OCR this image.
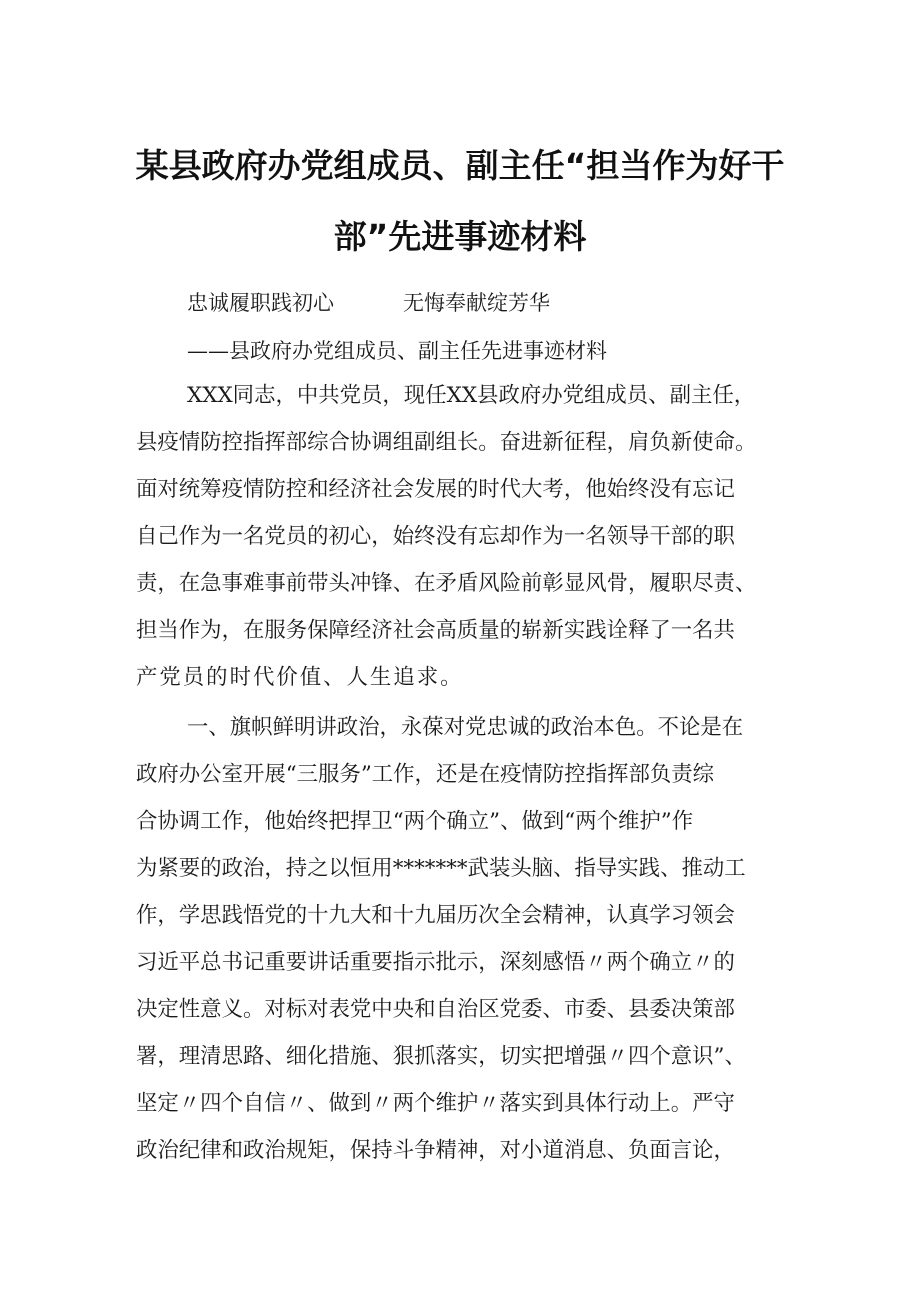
某县政府办党组成员、副主任“担当作为好干
部”先进事迹材料

忠诚履职践初心	无悔奉献绽芳华

——县政府办党组成员、副主任先进事迹材料

XXX同志，中共党员，现任XX县政府办党组成员、副主任，

县疫情防控指挥部综合协调组副组长。奋进新征程，肩负新使命。

面对统筹疫情防控和经济社会发展的时代大考，他始终没有忘记

自己作为一名党员的初心，始终没有忘却作为一名领导干部的职

责，在急事难事前带头冲锋、在矛盾风险前彰显风骨，履职尽责、

担当作为，在服务保障经济社会高质量的崭新实践诠释了一名共

产党员的时代价值、人生追求。

一、旗帜鲜明讲政治，永葆对党忠诚的政治本色。不论是在

政府办公室开展“三服务”工作，还是在疫情防控指挥部负责综

合协调工作，他始终把捍卫“两个确立”、做到“两个维护”作

为紧要的政治，持之以恒用*******武装头脑、指导实践、推动工

作，学思践悟党的十九大和十九届历次全会精神，认真学习领会

习近平总书记重要讲话重要指示批示，深刻感悟〃两个确立〃的

决定性意义。对标对表党中央和自治区党委、市委、县委决策部

署，理清思路、细化措施、狠抓落实，切实把增强〃四个意识”、

坚定〃四个自信〃、做到〃两个维护〃落实到具体行动上。严守

政治纪律和政治规矩，保持斗争精神，对小道消息、负面言论，
